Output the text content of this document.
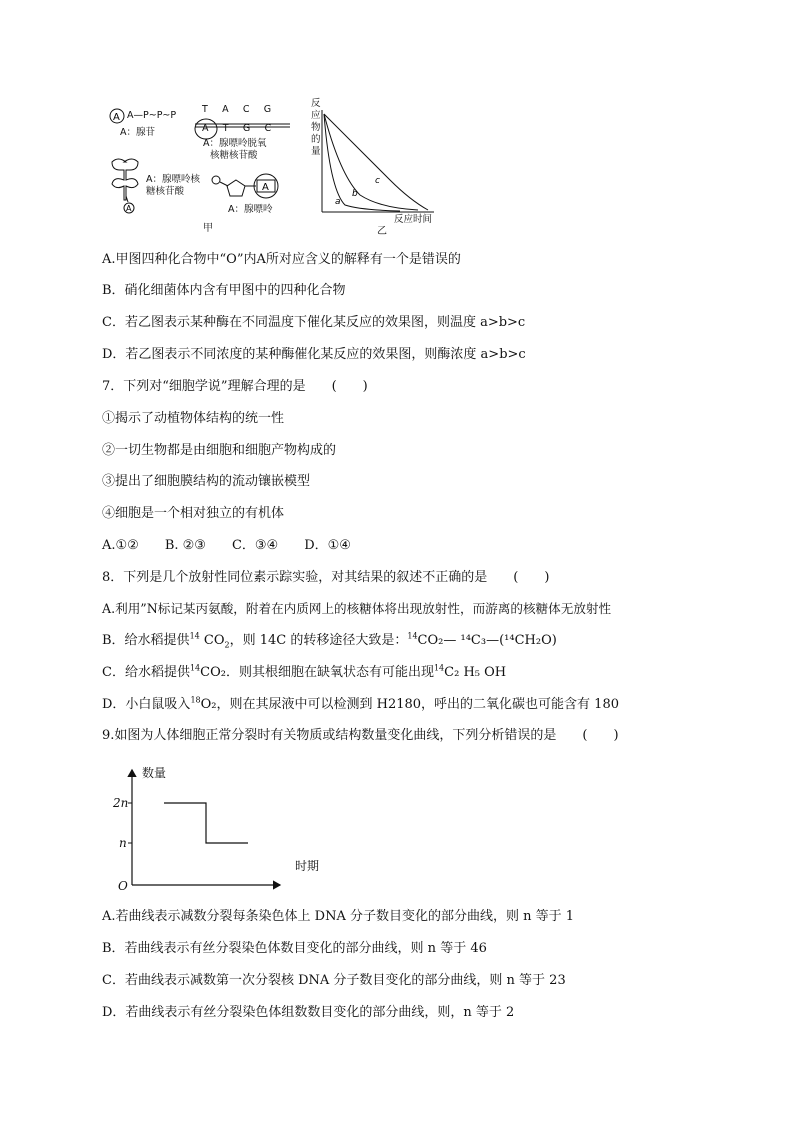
A
A
A
a
b
c
A—P~P~P
A：腺苷
T   A   C   G
A   T   G   C
A：腺嘌呤脱氧
核糖核苷酸
A：腺嘌呤核
糖核苷酸
A：腺嘌呤
甲
反
应
物
的
量
反应时间
乙
A.甲图四种化合物中“O”内A所对应含义的解释有一个是错误的
B．硝化细菌体内含有甲图中的四种化合物
C．若乙图表示某种酶在不同温度下催化某反应的效果图，则温度 a>b>c
D．若乙图表示不同浓度的某种酶催化某反应的效果图，则酶浓度 a>b>c
7．下列对“细胞学说”理解合理的是　　(　　)
①揭示了动植物体结构的统一性
②一切生物都是由细胞和细胞产物构成的
③提出了细胞膜结构的流动镶嵌模型
④细胞是一个相对独立的有机体
A.①②　　B. ②③　　C．③④　　D．①④
8．下列是几个放射性同位素示踪实验，对其结果的叙述不正确的是　　(　　)
A.利用”N标记某丙氨酸，附着在内质网上的核糖体将出现放射性，而游离的核糖体无放射性
B．给水稻提供$^{14}$ $CO_2$，则 14C 的转移途径大致是：$^{14}$CO₂— ¹⁴C₃—(¹⁴CH₂O)
C．给水稻提供$^{14}$CO₂．则其根细胞在缺氧状态有可能出现$^{14}$C₂ H₅ OH
D．小白鼠吸入$^{18}$O₂，则在其尿液中可以检测到 H2180，呼出的二氧化碳也可能含有 180
9.如图为人体细胞正常分裂时有关物质或结构数量变化曲线，下列分析错误的是　　(　　)
数量
时期
O
2n
n
A.若曲线表示减数分裂每条染色体上 DNA 分子数目变化的部分曲线，则 n 等于 1
B．若曲线表示有丝分裂染色体数目变化的部分曲线，则 n 等于 46
C．若曲线表示减数第一次分裂核 DNA 分子数目变化的部分曲线，则 n 等于 23
D．若曲线表示有丝分裂染色体组数数目变化的部分曲线，则，n 等于 2
